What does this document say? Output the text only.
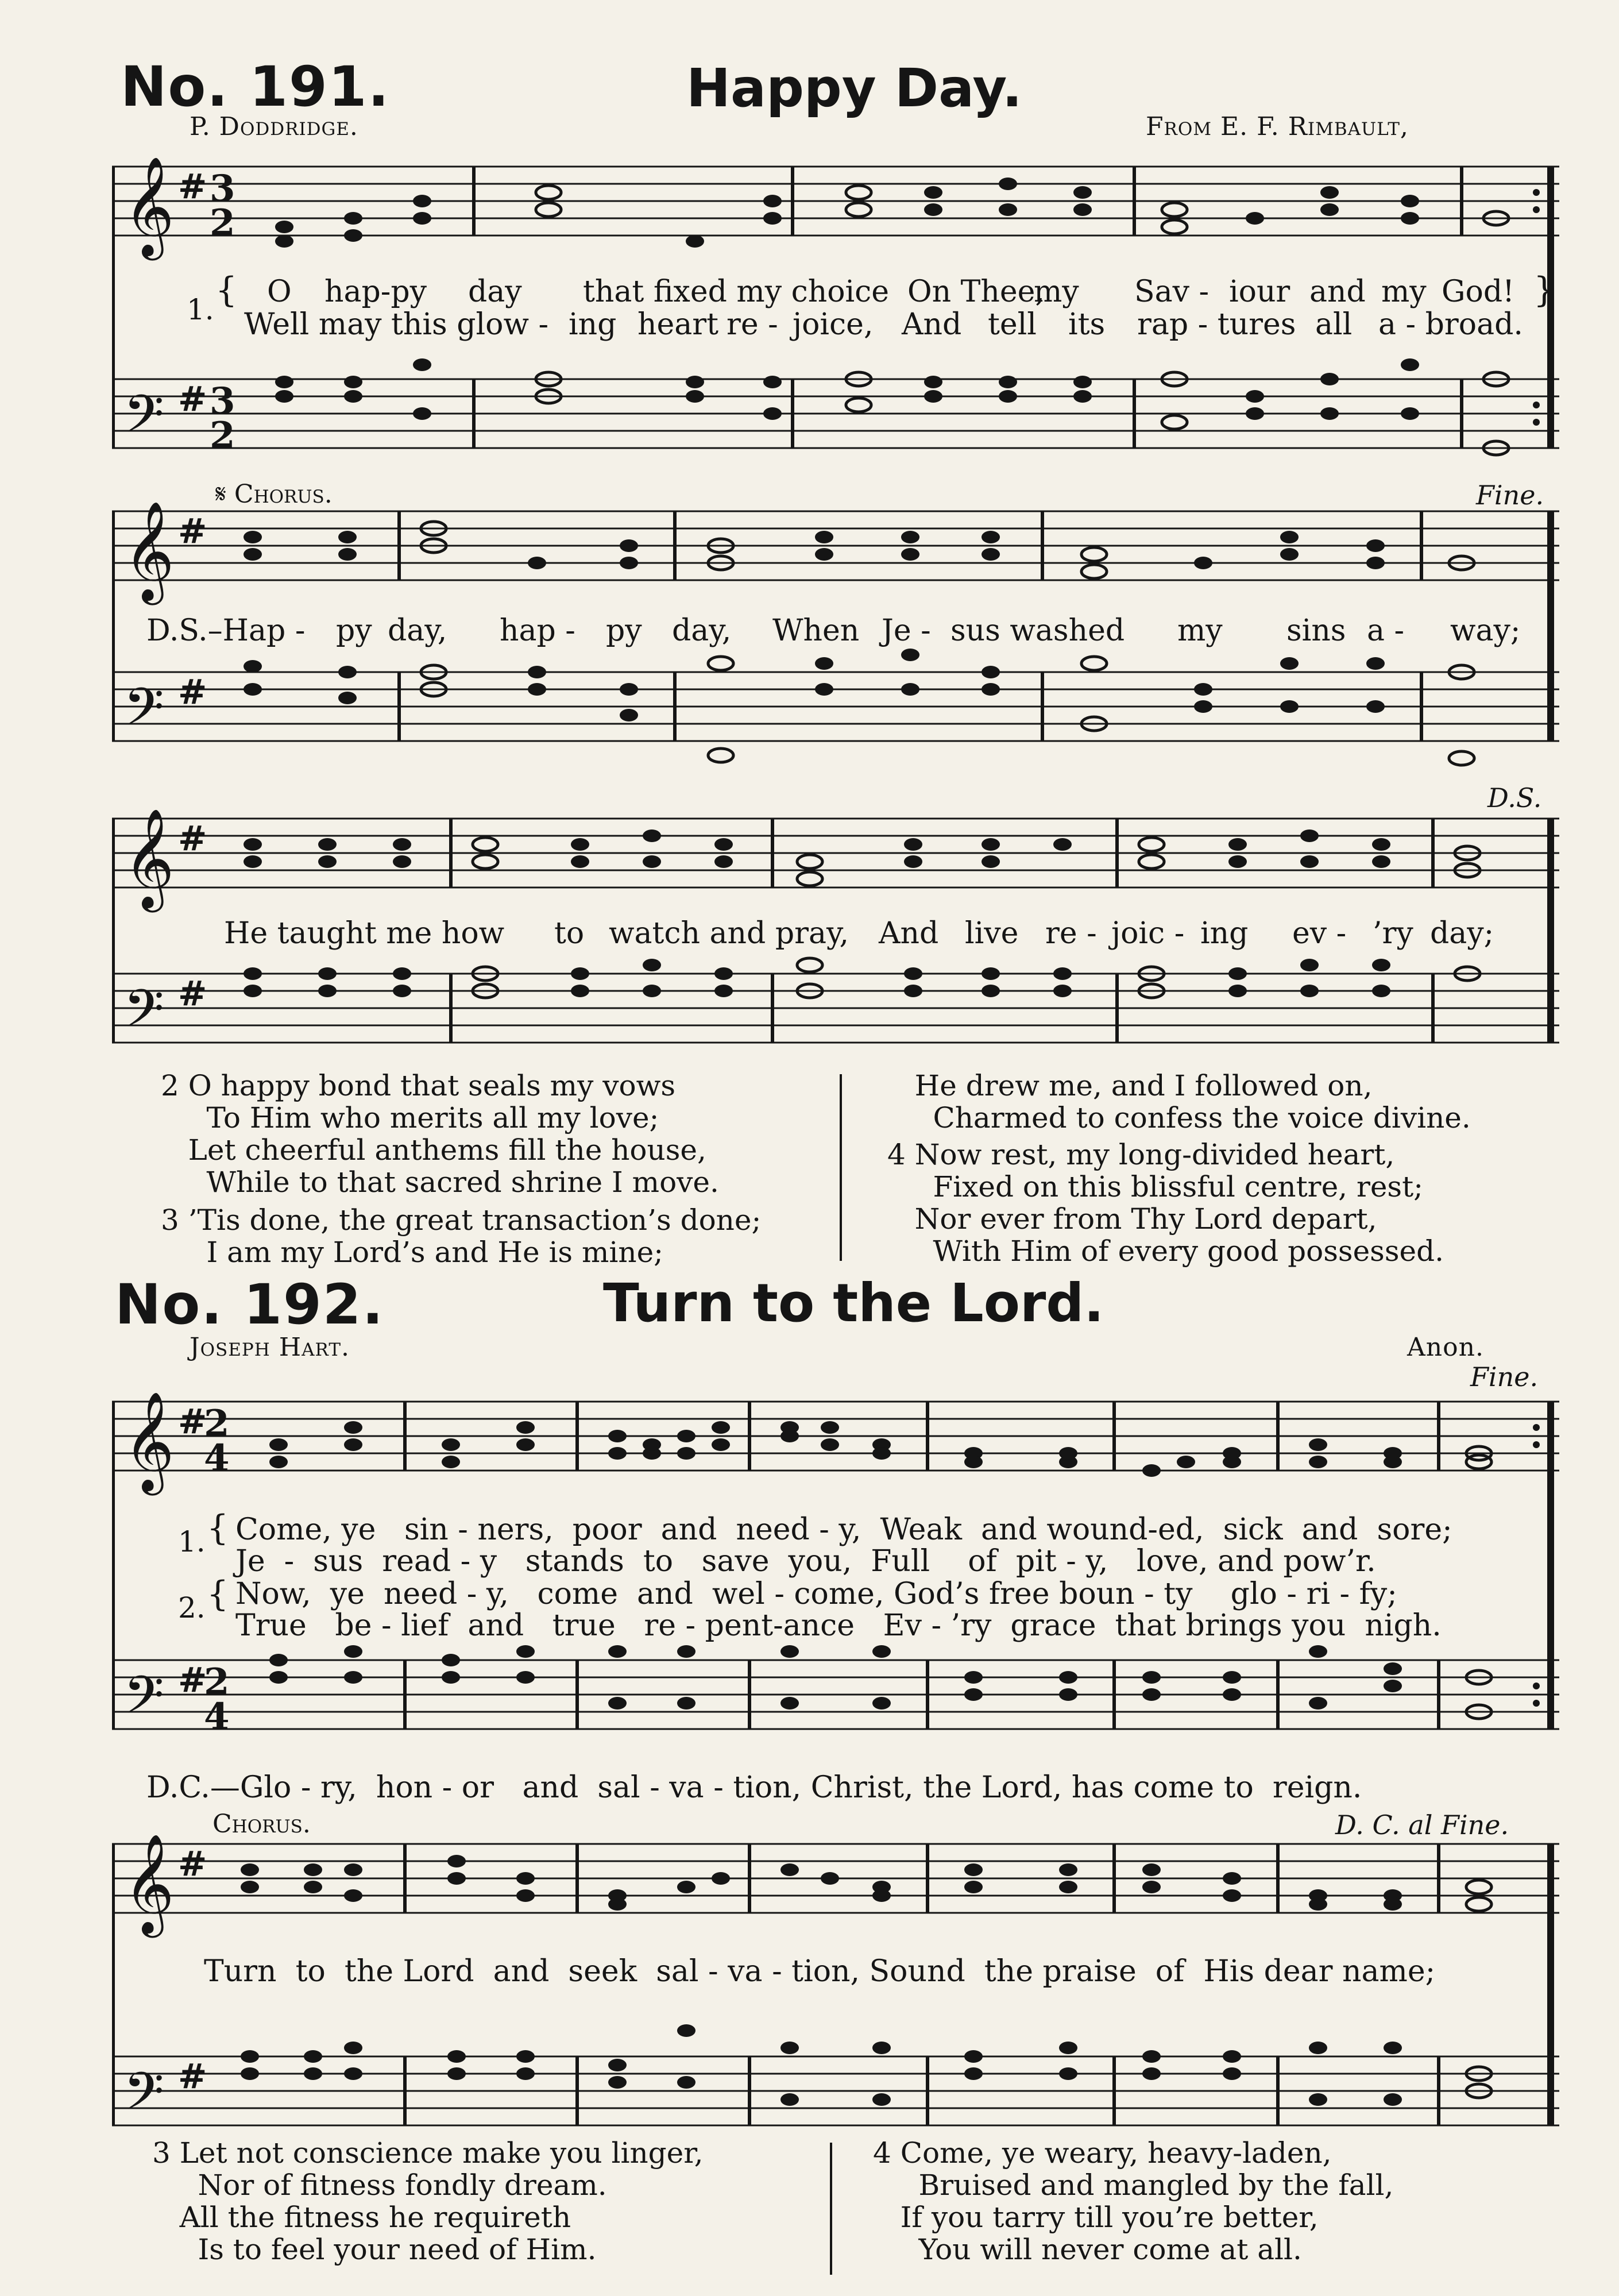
No. 191.	Happy Day.
P. Doddridge.	From E. F. Rimbault,
𝄞
𝄢
#
#
3
2
3
2
1. { O hap-py day that fixed my choice On Thee,
my Sav - iour and my God!
Well may this glow - ing heart re - joice, And tell its rap - tures all a - broad.
}
𝄋 Chorus.	Fine.
𝄞
𝄢
#
#
D.S.–Hap - py day, hap - py day, When Je - sus washed my sins a - way;
D.S.
𝄞
𝄢
#
#
He taught me how to watch and pray, And live re - joic - ing ev - ’ry day;
2 O happy bond that seals my vows
To Him who merits all my love;
Let cheerful anthems fill the house,
While to that sacred shrine I move.
3 ’Tis done, the great transaction’s done;
I am my Lord’s and He is mine;
He drew me, and I followed on,
Charmed to confess the voice divine.
4 Now rest, my long-divided heart,
Fixed on this blissful centre, rest;
Nor ever from Thy Lord depart,
With Him of every good possessed.
No. 192.	Turn to the Lord.
Joseph Hart.	Anon.
Fine.
𝄞
𝄢
#
#
2
4
2
4
1. { Come, ye   sin - ners,  poor  and  need - y,  Weak  and wound-ed,  sick  and  sore;
Je  -  sus  read - y   stands  to   save  you,  Full    of  pit - y,   love, and pow’r.
2. { Now,  ye  need - y,   come  and  wel - come, God’s free boun - ty    glo - ri - fy;
True   be - lief  and   true   re - pent-ance   Ev - ’ry  grace  that brings you  nigh.
D.C.—Glo - ry,  hon - or   and  sal - va - tion, Christ, the Lord, has come to  reign.
Chorus.	D. C. al Fine.
𝄞
𝄢
#
#
Turn  to  the Lord  and  seek  sal - va - tion, Sound  the praise  of  His dear name;
3 Let not conscience make you linger,
Nor of fitness fondly dream.
All the fitness he requireth
Is to feel your need of Him.
4 Come, ye weary, heavy-laden,
Bruised and mangled by the fall,
If you tarry till you’re better,
You will never come at all.
